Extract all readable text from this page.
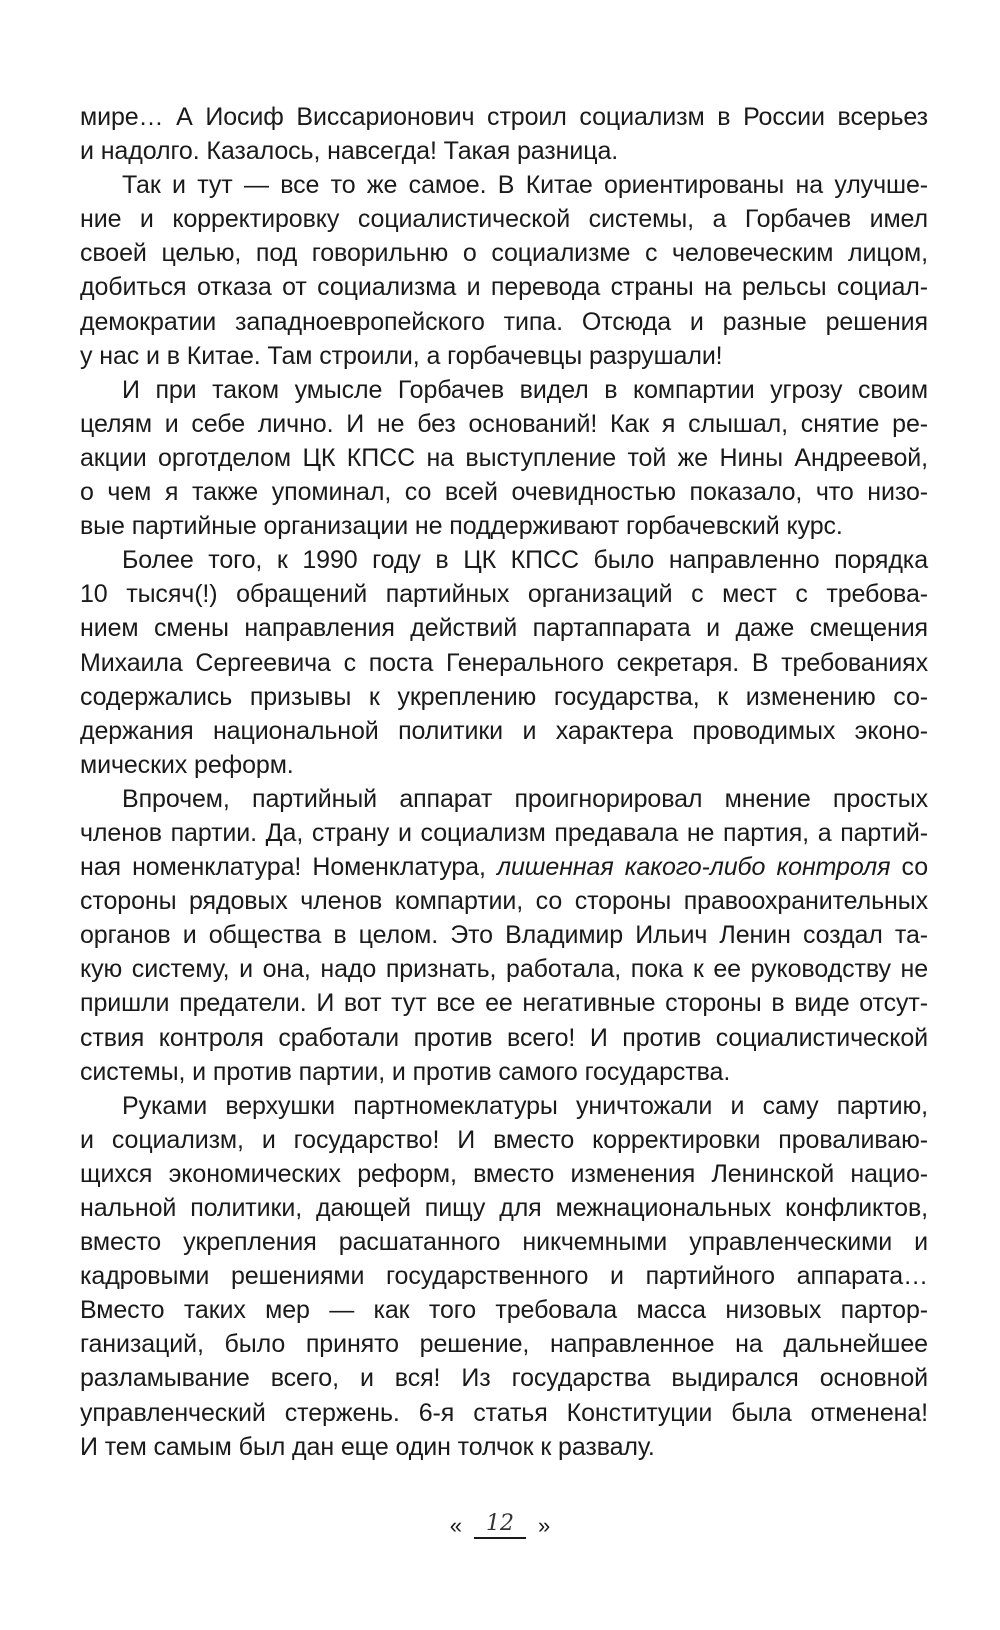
мире… А Иосиф Виссарионович строил социализм в России всерьез
и надолго. Казалось, навсегда! Такая разница.
Так и тут — все то же самое. В Китае ориентированы на улучше-
ние и корректировку социалистической системы, а Горбачев имел
своей целью, под говорильню о социализме с человеческим лицом,
добиться отказа от социализма и перевода страны на рельсы социал-
демократии западноевропейского типа. Отсюда и разные решения
у нас и в Китае. Там строили, а горбачевцы разрушали!
И при таком умысле Горбачев видел в компартии угрозу своим
целям и себе лично. И не без оснований! Как я слышал, снятие ре-
акции орготделом ЦК КПСС на выступление той же Нины Андреевой,
о чем я также упоминал, со всей очевидностью показало, что низо-
вые партийные организации не поддерживают горбачевский курс.
Более того, к 1990 году в ЦК КПСС было направленно порядка
10 тысяч(!) обращений партийных организаций с мест с требова-
нием смены направления действий партаппарата и даже смещения
Михаила Сергеевича с поста Генерального секретаря. В требованиях
содержались призывы к укреплению государства, к изменению со-
держания национальной политики и характера проводимых эконо-
мических реформ.
Впрочем, партийный аппарат проигнорировал мнение простых
членов партии. Да, страну и социализм предавала не партия, а партий-
ная номенклатура! Номенклатура, лишенная какого-либо контроля со
стороны рядовых членов компартии, со стороны правоохранительных
органов и общества в целом. Это Владимир Ильич Ленин создал та-
кую систему, и она, надо признать, работала, пока к ее руководству не
пришли предатели. И вот тут все ее негативные стороны в виде отсут-
ствия контроля сработали против всего! И против социалистической
системы, и против партии, и против самого государства.
Руками верхушки партномеклатуры уничтожали и саму партию,
и социализм, и государство! И вместо корректировки проваливаю-
щихся экономических реформ, вместо изменения Ленинской нацио-
нальной политики, дающей пищу для межнациональных конфликтов,
вместо укрепления расшатанного никчемными управленческими и
кадровыми решениями государственного и партийного аппарата…
Вместо таких мер — как того требовала масса низовых партор-
ганизаций, было принято решение, направленное на дальнейшее
разламывание всего, и вся! Из государства выдирался основной
управленческий стержень. 6-я статья Конституции была отменена!
И тем самым был дан еще один толчок к развалу.
« 12 »
